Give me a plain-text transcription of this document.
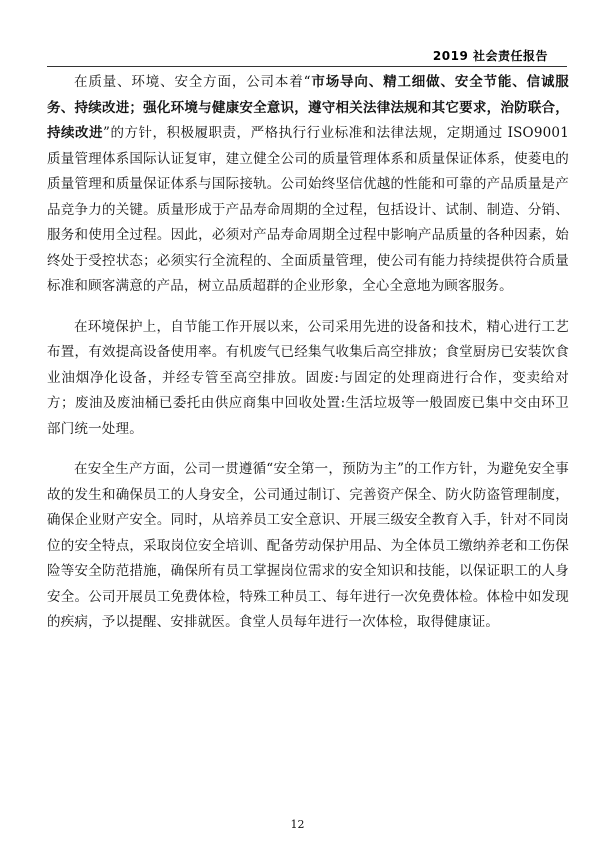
2019 社会责任报告

在质量、环境、安全方面，公司本着“市场导向、精工细做、安全节能、信诚服务、持续改进；强化环境与健康安全意识，遵守相关法律法规和其它要求，治防联合，持续改进”的方针，积极履职责，严格执行行业标准和法律法规，定期通过 ISO9001 质量管理体系国际认证复审，建立健全公司的质量管理体系和质量保证体系，使菱电的质量管理和质量保证体系与国际接轨。公司始终坚信优越的性能和可靠的产品质量是产品竞争力的关键。质量形成于产品寿命周期的全过程，包括设计、试制、制造、分销、服务和使用全过程。因此，必须对产品寿命周期全过程中影响产品质量的各种因素，始终处于受控状态；必须实行全流程的、全面质量管理，使公司有能力持续提供符合质量标准和顾客满意的产品，树立品质超群的企业形象，全心全意地为顾客服务。

在环境保护上，自节能工作开展以来，公司采用先进的设备和技术，精心进行工艺布置，有效提高设备使用率。有机废气已经集气收集后高空排放；食堂厨房已安装饮食业油烟净化设备，并经专管至高空排放。固废:与固定的处理商进行合作，变卖给对方；废油及废油桶已委托由供应商集中回收处置:生活垃圾等一般固废已集中交由环卫部门统一处理。

在安全生产方面，公司一贯遵循“安全第一，预防为主”的工作方针，为避免安全事故的发生和确保员工的人身安全，公司通过制订、完善资产保全、防火防盗管理制度，确保企业财产安全。同时，从培养员工安全意识、开展三级安全教育入手，针对不同岗位的安全特点，采取岗位安全培训、配备劳动保护用品、为全体员工缴纳养老和工伤保险等安全防范措施，确保所有员工掌握岗位需求的安全知识和技能，以保证职工的人身安全。公司开展员工免费体检，特殊工种员工、每年进行一次免费体检。体检中如发现的疾病，予以提醒、安排就医。食堂人员每年进行一次体检，取得健康证。

12
